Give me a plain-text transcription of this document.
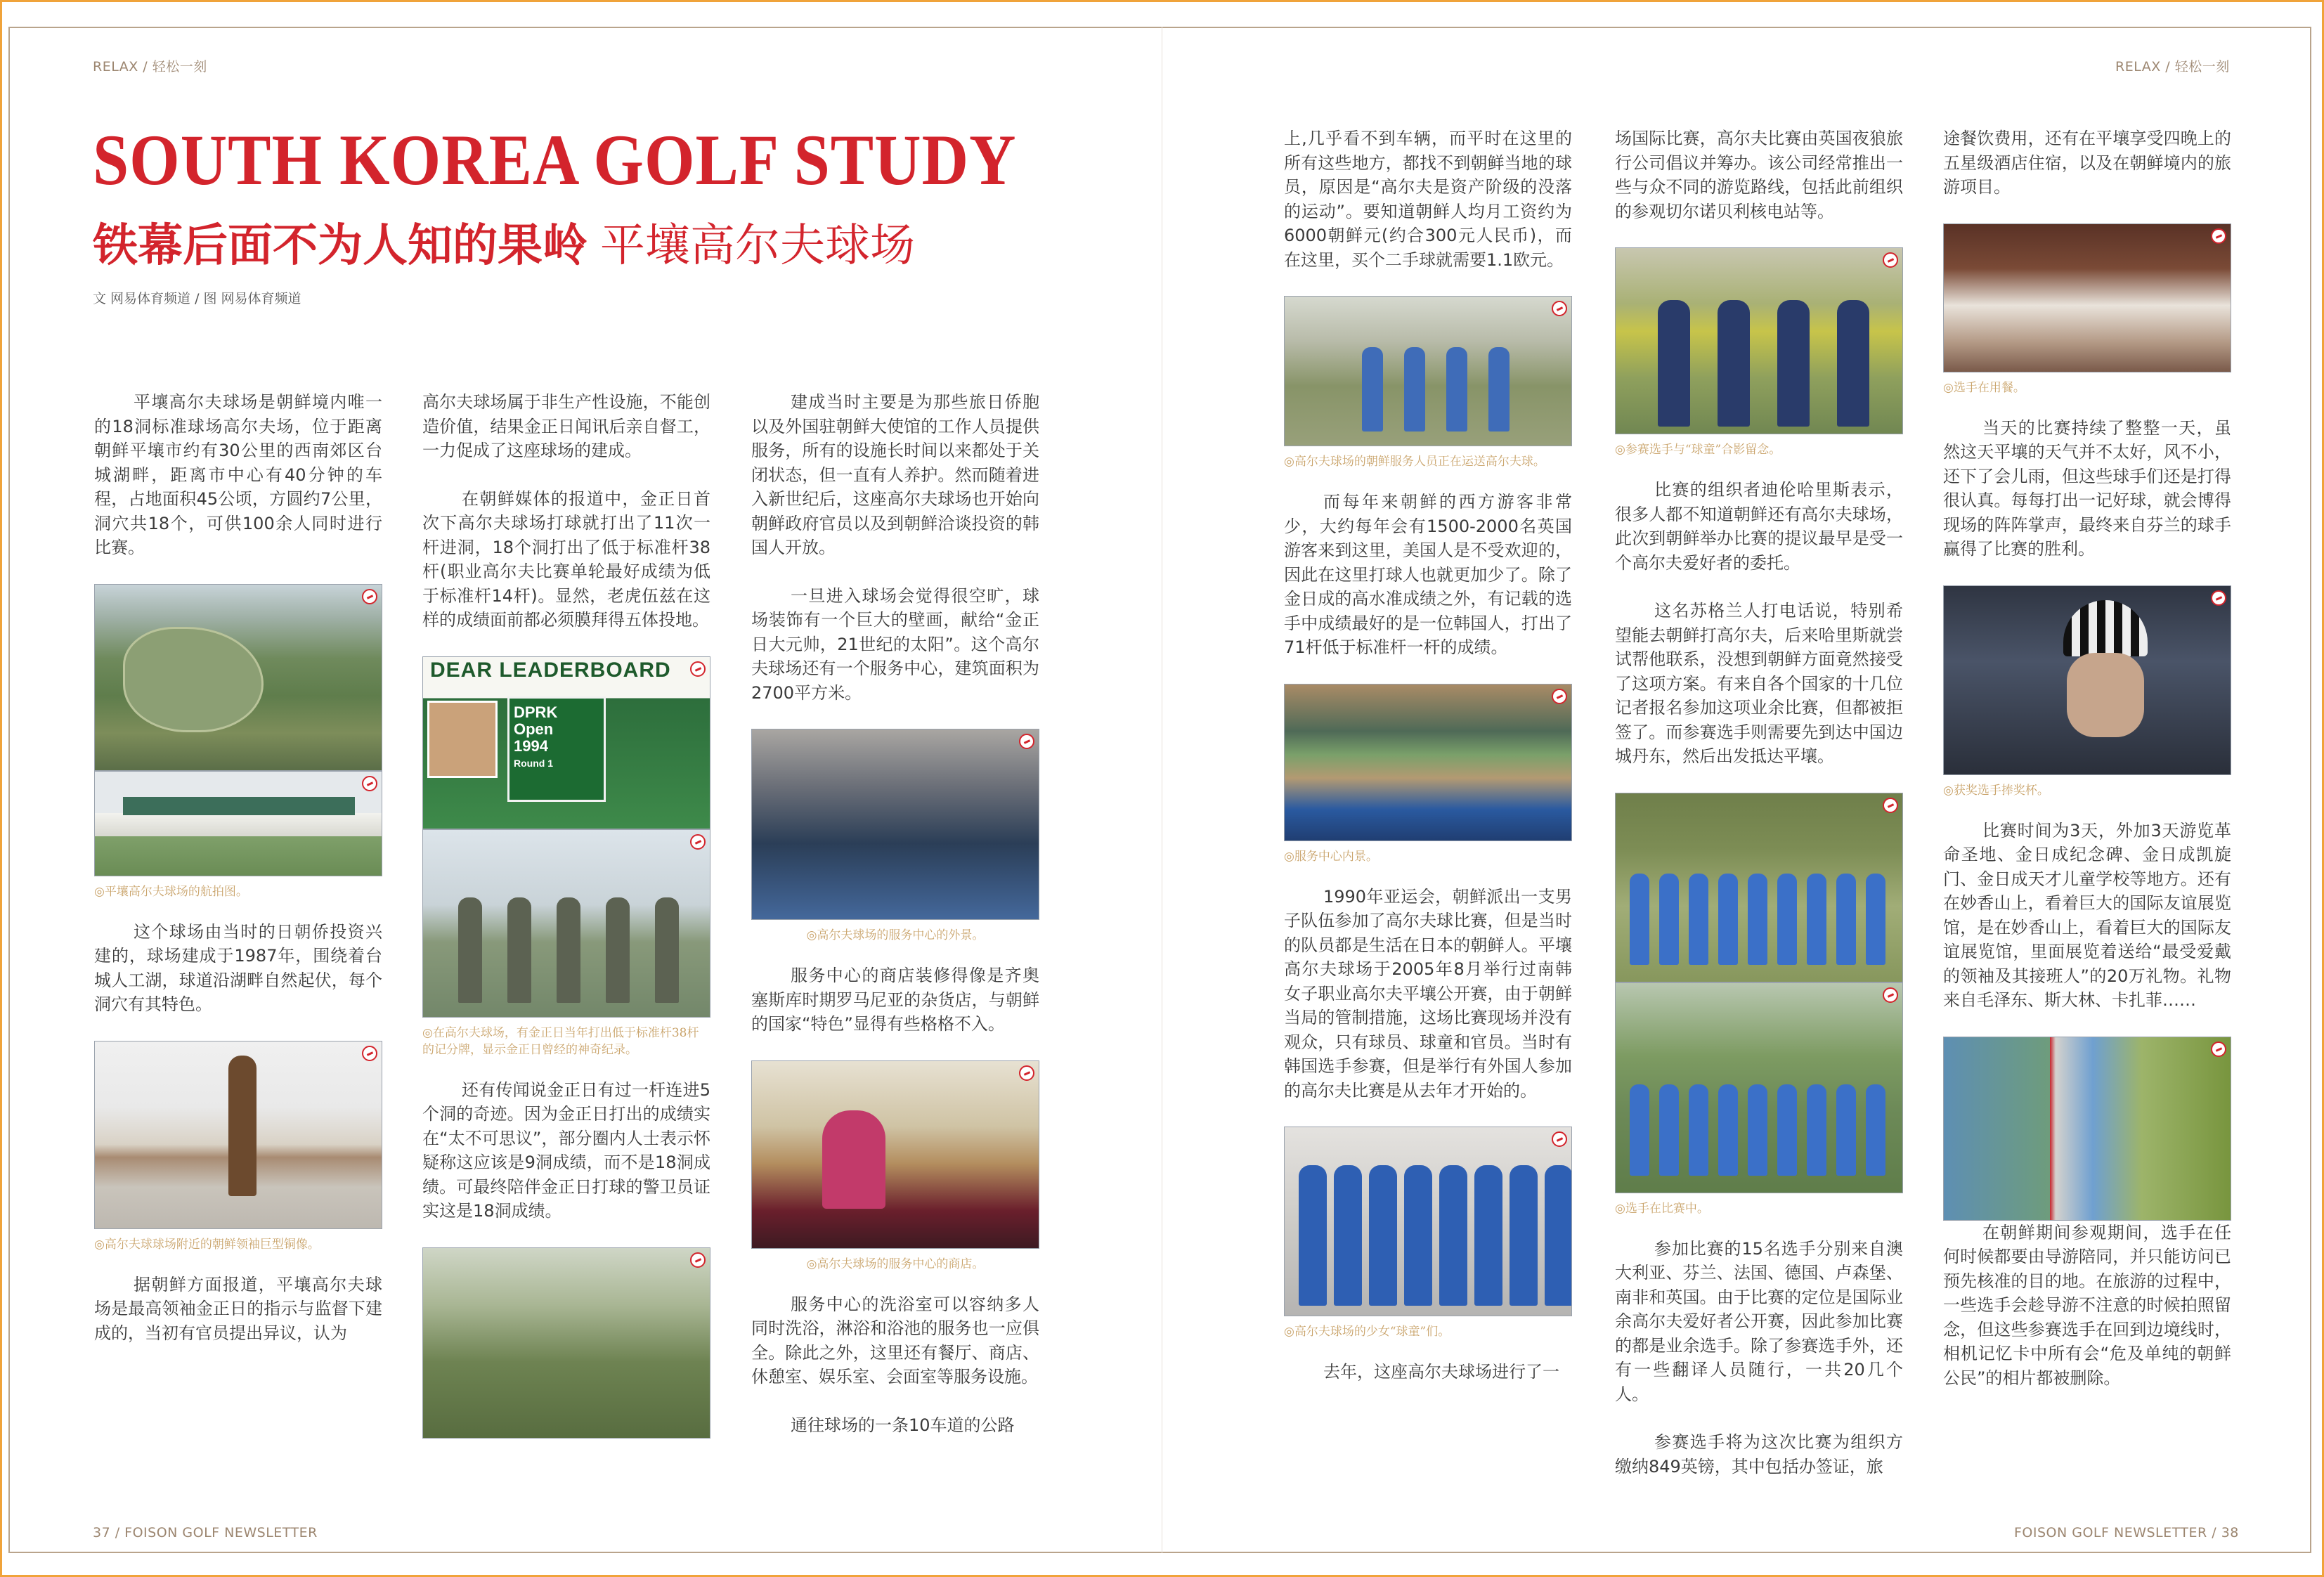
RELAX / 轻松一刻	RELAX / 轻松一刻
SOUTH KOREA GOLF STUDY
铁幕后面不为人知的果岭 平壤高尔夫球场
文 网易体育频道 / 图 网易体育频道
平壤高尔夫球场是朝鲜境内唯一的18洞标准球场高尔夫场，位于距离朝鲜平壤市约有30公里的西南郊区台城湖畔，距离市中心有40分钟的车程，占地面积45公顷，方圆约7公里，洞穴共18个，可供100余人同时进行比赛。
◎平壤高尔夫球场的航拍图。
这个球场由当时的日朝侨投资兴建的，球场建成于1987年，围绕着台城人工湖，球道沿湖畔自然起伏，每个洞穴有其特色。
◎高尔夫球球场附近的朝鲜领袖巨型铜像。
据朝鲜方面报道，平壤高尔夫球场是最高领袖金正日的指示与监督下建成的，当初有官员提出异议，认为
高尔夫球场属于非生产性设施，不能创造价值，结果金正日闻讯后亲自督工，一力促成了这座球场的建成。
在朝鲜媒体的报道中，金正日首次下高尔夫球场打球就打出了11次一杆进洞，18个洞打出了低于标准杆38杆(职业高尔夫比赛单轮最好成绩为低于标准杆14杆)。显然，老虎伍兹在这样的成绩面前都必须膜拜得五体投地。
DEAR LEADERBOARD
DPRK
Open
1994
Round 1
◎在高尔夫球场，有金正日当年打出低于标准杆38杆的记分牌，显示金正日曾经的神奇纪录。
还有传闻说金正日有过一杆连进5个洞的奇迹。因为金正日打出的成绩实在“太不可思议”，部分圈内人士表示怀疑称这应该是9洞成绩，而不是18洞成绩。可最终陪伴金正日打球的警卫员证实这是18洞成绩。
建成当时主要是为那些旅日侨胞以及外国驻朝鲜大使馆的工作人员提供服务，所有的设施长时间以来都处于关闭状态，但一直有人养护。然而随着进入新世纪后，这座高尔夫球场也开始向朝鲜政府官员以及到朝鲜洽谈投资的韩国人开放。
一旦进入球场会觉得很空旷，球场装饰有一个巨大的壁画，献给“金正日大元帅，21世纪的太阳”。这个高尔夫球场还有一个服务中心，建筑面积为2700平方米。
◎高尔夫球场的服务中心的外景。
服务中心的商店装修得像是齐奥塞斯库时期罗马尼亚的杂货店，与朝鲜的国家“特色”显得有些格格不入。
◎高尔夫球场的服务中心的商店。
服务中心的洗浴室可以容纳多人同时洗浴，淋浴和浴池的服务也一应俱全。除此之外，这里还有餐厅、商店、休憩室、娱乐室、会面室等服务设施。
通往球场的一条10车道的公路
上,几乎看不到车辆，而平时在这里的所有这些地方，都找不到朝鲜当地的球员，原因是“高尔夫是资产阶级的没落的运动”。要知道朝鲜人均月工资约为6000朝鲜元(约合300元人民币)，而在这里，买个二手球就需要1.1欧元。
◎高尔夫球场的朝鲜服务人员正在运送高尔夫球。
而每年来朝鲜的西方游客非常少，大约每年会有1500-2000名英国游客来到这里，美国人是不受欢迎的，因此在这里打球人也就更加少了。除了金日成的高水准成绩之外，有记载的选手中成绩最好的是一位韩国人，打出了71杆低于标准杆一杆的成绩。
◎服务中心内景。
1990年亚运会，朝鲜派出一支男子队伍参加了高尔夫球比赛，但是当时的队员都是生活在日本的朝鲜人。平壤高尔夫球场于2005年8月举行过南韩女子职业高尔夫平壤公开赛，由于朝鲜当局的管制措施，这场比赛现场并没有观众，只有球员、球童和官员。当时有韩国选手参赛，但是举行有外国人参加的高尔夫比赛是从去年才开始的。
◎高尔夫球场的少女“球童”们。
去年，这座高尔夫球场进行了一
场国际比赛，高尔夫比赛由英国夜狼旅行公司倡议并筹办。该公司经常推出一些与众不同的游览路线，包括此前组织的参观切尔诺贝利核电站等。
◎参赛选手与“球童”合影留念。
比赛的组织者迪伦哈里斯表示，很多人都不知道朝鲜还有高尔夫球场，此次到朝鲜举办比赛的提议最早是受一个高尔夫爱好者的委托。
这名苏格兰人打电话说，特别希望能去朝鲜打高尔夫，后来哈里斯就尝试帮他联系，没想到朝鲜方面竟然接受了这项方案。有来自各个国家的十几位记者报名参加这项业余比赛，但都被拒签了。而参赛选手则需要先到达中国边城丹东，然后出发抵达平壤。
◎选手在比赛中。
参加比赛的15名选手分别来自澳大利亚、芬兰、法国、德国、卢森堡、南非和英国。由于比赛的定位是国际业余高尔夫爱好者公开赛，因此参加比赛的都是业余选手。除了参赛选手外，还有一些翻译人员随行，一共20几个人。
参赛选手将为这次比赛为组织方缴纳849英镑，其中包括办签证，旅
途餐饮费用，还有在平壤享受四晚上的五星级酒店住宿，以及在朝鲜境内的旅游项目。
◎选手在用餐。
当天的比赛持续了整整一天，虽然这天平壤的天气并不太好，风不小，还下了会儿雨，但这些球手们还是打得很认真。每每打出一记好球，就会博得现场的阵阵掌声，最终来自芬兰的球手赢得了比赛的胜利。
◎获奖选手捧奖杯。
比赛时间为3天，外加3天游览革命圣地、金日成纪念碑、金日成凯旋门、金日成天才儿童学校等地方。还有在妙香山上，看着巨大的国际友谊展览馆，是在妙香山上，看着巨大的国际友谊展览馆，里面展览着送给“最受爱戴的领袖及其接班人”的20万礼物。礼物来自毛泽东、斯大林、卡扎菲……
在朝鲜期间参观期间，选手在任何时候都要由导游陪同，并只能访问已预先核准的目的地。在旅游的过程中，一些选手会趁导游不注意的时候拍照留念，但这些参赛选手在回到边境线时，相机记忆卡中所有会“危及单纯的朝鲜公民”的相片都被删除。
37 / FOISON GOLF NEWSLETTER	FOISON GOLF NEWSLETTER / 38
